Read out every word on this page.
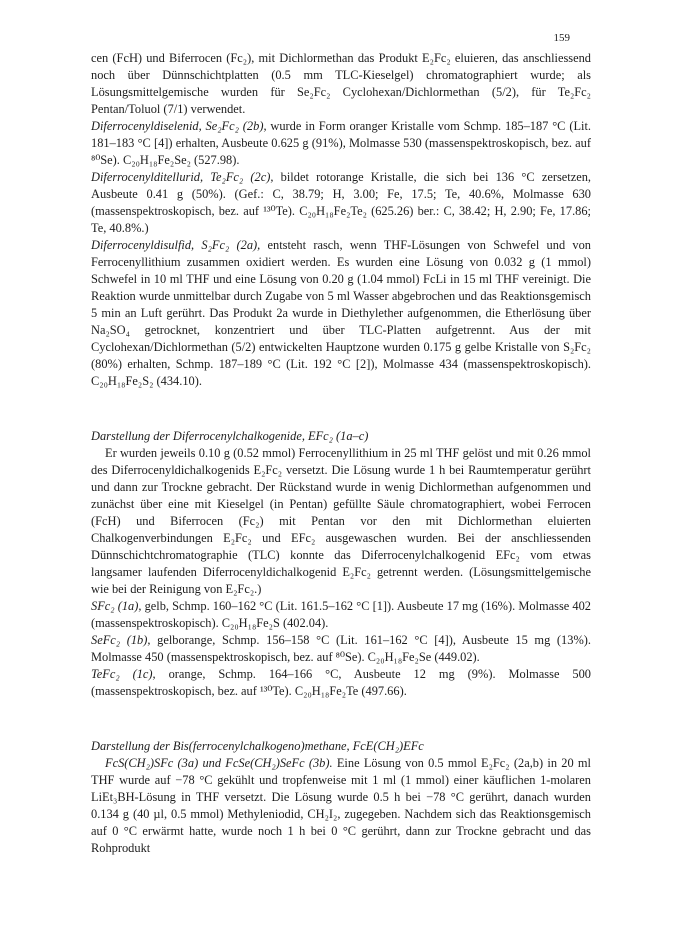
159

cen (FcH) und Biferrocen (Fc₂), mit Dichlormethan das Produkt E₂Fc₂ eluieren, das anschliessend noch über Dünnschichtplatten (0.5 mm TLC-Kieselgel) chromatographiert wurde; als Lösungsmittelgemische wurden für Se₂Fc₂ Cyclohexan/Dichlormethan (5/2), für Te₂Fc₂ Pentan/Toluol (7/1) verwendet.

Diferrocenyldiselenid, Se₂Fc₂ (2b), wurde in Form oranger Kristalle vom Schmp. 185–187 °C (Lit. 181–183 °C [4]) erhalten, Ausbeute 0.625 g (91%), Molmasse 530 (massenspektroskopisch, bez. auf ⁸⁰Se). C₂₀H₁₈Fe₂Se₂ (527.98).

Diferrocenylditellurid, Te₂Fc₂ (2c), bildet rotorange Kristalle, die sich bei 136 °C zersetzen, Ausbeute 0.41 g (50%). (Gef.: C, 38.79; H, 3.00; Fe, 17.5; Te, 40.6%, Molmasse 630 (massenspektroskopisch, bez. auf ¹³⁰Te). C₂₀H₁₈Fe₂Te₂ (625.26) ber.: C, 38.42; H, 2.90; Fe, 17.86; Te, 40.8%.)

Diferrocenyldisulfid, S₂Fc₂ (2a), entsteht rasch, wenn THF-Lösungen von Schwefel und von Ferrocenyllithium zusammen oxidiert werden. Es wurden eine Lösung von 0.032 g (1 mmol) Schwefel in 10 ml THF und eine Lösung von 0.20 g (1.04 mmol) FcLi in 15 ml THF vereinigt. Die Reaktion wurde unmittelbar durch Zugabe von 5 ml Wasser abgebrochen und das Reaktionsgemisch 5 min an Luft gerührt. Das Produkt 2a wurde in Diethylether aufgenommen, die Etherlösung über Na₂SO₄ getrocknet, konzentriert und über TLC-Platten aufgetrennt. Aus der mit Cyclohexan/Dichlormethan (5/2) entwickelten Hauptzone wurden 0.175 g gelbe Kristalle von S₂Fc₂ (80%) erhalten, Schmp. 187–189 °C (Lit. 192 °C [2]), Molmasse 434 (massenspektroskopisch). C₂₀H₁₈Fe₂S₂ (434.10).

Darstellung der Diferrocenylchalkogenide, EFc₂ (1a–c)

Er wurden jeweils 0.10 g (0.52 mmol) Ferrocenyllithium in 25 ml THF gelöst und mit 0.26 mmol des Diferrocenyldichalkogenids E₂Fc₂ versetzt. Die Lösung wurde 1 h bei Raumtemperatur gerührt und dann zur Trockne gebracht. Der Rückstand wurde in wenig Dichlormethan aufgenommen und zunächst über eine mit Kieselgel (in Pentan) gefüllte Säule chromatographiert, wobei Ferrocen (FcH) und Biferrocen (Fc₂) mit Pentan vor den mit Dichlormethan eluierten Chalkogenverbindungen E₂Fc₂ und EFc₂ ausgewaschen wurden. Bei der anschliessenden Dünnschichtchromatographie (TLC) konnte das Diferrocenylchalkogenid EFc₂ vom etwas langsamer laufenden Diferrocenyldichalkogenid E₂Fc₂ getrennt werden. (Lösungsmittelgemische wie bei der Reinigung von E₂Fc₂.)

SFc₂ (1a), gelb, Schmp. 160–162 °C (Lit. 161.5–162 °C [1]). Ausbeute 17 mg (16%). Molmasse 402 (massenspektroskopisch). C₂₀H₁₈Fe₂S (402.04).

SeFc₂ (1b), gelborange, Schmp. 156–158 °C (Lit. 161–162 °C [4]), Ausbeute 15 mg (13%). Molmasse 450 (massenspektroskopisch, bez. auf ⁸⁰Se). C₂₀H₁₈Fe₂Se (449.02).

TeFc₂ (1c), orange, Schmp. 164–166 °C, Ausbeute 12 mg (9%). Molmasse 500 (massenspektroskopisch, bez. auf ¹³⁰Te). C₂₀H₁₈Fe₂Te (497.66).

Darstellung der Bis(ferrocenylchalkogeno)methane, FcE(CH₂)EFc

FcS(CH₂)SFc (3a) und FcSe(CH₂)SeFc (3b). Eine Lösung von 0.5 mmol E₂Fc₂ (2a,b) in 20 ml THF wurde auf −78 °C gekühlt und tropfenweise mit 1 ml (1 mmol) einer käuflichen 1-molaren LiEt₃BH-Lösung in THF versetzt. Die Lösung wurde 0.5 h bei −78 °C gerührt, danach wurden 0.134 g (40 µl, 0.5 mmol) Methyleniodid, CH₂I₂, zugegeben. Nachdem sich das Reaktionsgemisch auf 0 °C erwärmt hatte, wurde noch 1 h bei 0 °C gerührt, dann zur Trockne gebracht und das Rohprodukt
